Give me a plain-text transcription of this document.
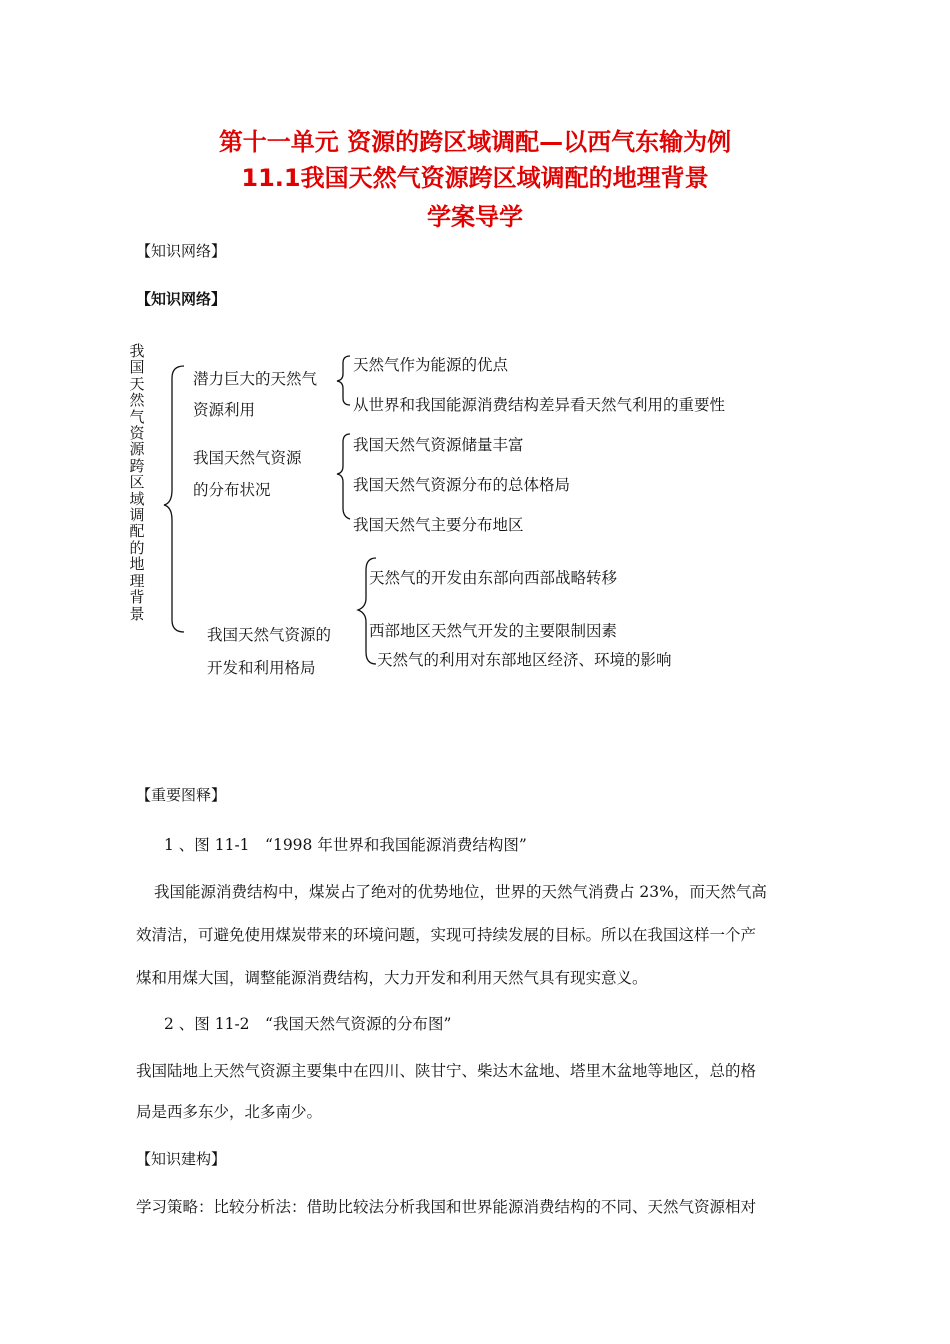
第十一单元 资源的跨区域调配—以西气东输为例
11.1我国天然气资源跨区域调配的地理背景
学案导学
【知识网络】
【知识网络】
我国天然气资源跨区域调配的地理背景
潜力巨大的天然气
资源利用
天然气作为能源的优点
从世界和我国能源消费结构差异看天然气利用的重要性
我国天然气资源
的分布状况
我国天然气资源储量丰富
我国天然气资源分布的总体格局
我国天然气主要分布地区
我国天然气资源的
开发和利用格局
天然气的开发由东部向西部战略转移
西部地区天然气开发的主要限制因素
天然气的利用对东部地区经济、环境的影响
【重要图释】
1 、图 11-1　“1998 年世界和我国能源消费结构图”
我国能源消费结构中，煤炭占了绝对的优势地位，世界的天然气消费占 23%，而天然气高
效清洁，可避免使用煤炭带来的环境问题，实现可持续发展的目标。所以在我国这样一个产
煤和用煤大国，调整能源消费结构，大力开发和利用天然气具有现实意义。
2 、图 11-2　“我国天然气资源的分布图”
我国陆地上天然气资源主要集中在四川、陕甘宁、柴达木盆地、塔里木盆地等地区，总的格
局是西多东少，北多南少。
【知识建构】
学习策略：比较分析法：借助比较法分析我国和世界能源消费结构的不同、天然气资源相对
